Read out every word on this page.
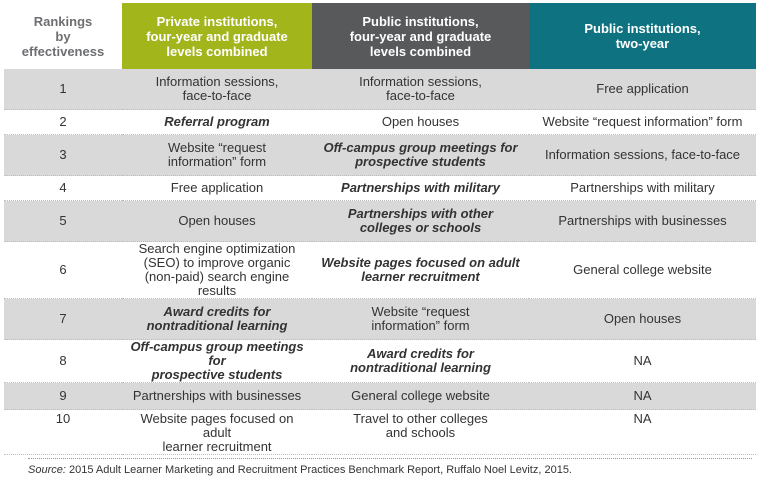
Rankings
by
effectiveness	Private institutions,
four-year and graduate
levels combined	Public institutions,
four-year and graduate
levels combined	Public institutions,
two-year
1	Information sessions,
face-to-face	Information sessions,
face-to-face	Free application
2	Referral program	Open houses	Website “request information” form
3	Website “request
information” form	Off-campus group meetings for
prospective students	Information sessions, face-to-face
4	Free application	Partnerships with military	Partnerships with military
5	Open houses	Partnerships with other
colleges or schools	Partnerships with businesses
6	Search engine optimization
(SEO) to improve organic
(non-paid) search engine results	Website pages focused on adult
learner recruitment	General college website
7	Award credits for
nontraditional learning	Website “request
information” form	Open houses
8	Off-campus group meetings for
prospective students	Award credits for
nontraditional learning	NA
9	Partnerships with businesses	General college website	NA
10	Website pages focused on adult
learner recruitment	Travel to other colleges
and schools	NA
Source: 2015 Adult Learner Marketing and Recruitment Practices Benchmark Report, Ruffalo Noel Levitz, 2015.
